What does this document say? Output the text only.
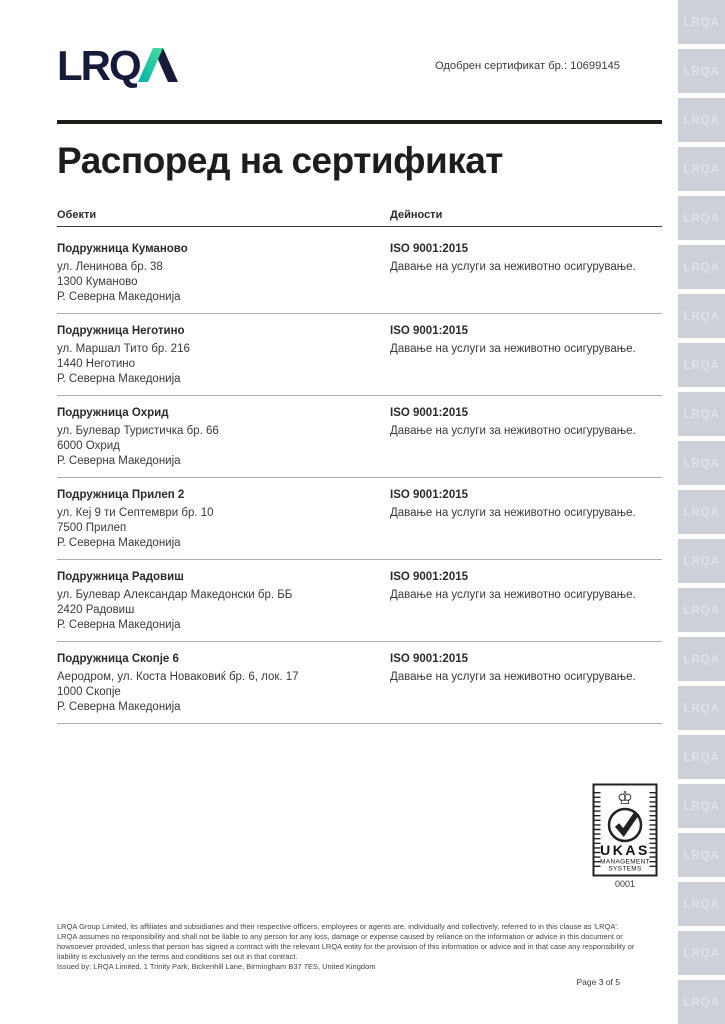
LRQA
LRQA
LRQA
LRQA
LRQA
LRQA
LRQA
LRQA
LRQA
LRQA
LRQA
LRQA
LRQA
LRQA
LRQA
LRQA
LRQA
LRQA
LRQA
LRQA
LRQA
LRQ	Одобрен сертификат бр.: 10699145
Распоред на сертификат
Обекти	Дейности
Подружница Куманово
ул. Ленинова бр. 38
1300 Куманово
Р. Северна Македонија
ISO 9001:2015
Давање на услуги за неживотно осигурување.
Подружница Неготино
ул. Маршал Тито бр. 216
1440 Неготино
Р. Северна Македонија
ISO 9001:2015
Давање на услуги за неживотно осигурување.
Подружница Охрид
ул. Булевар Туристичка бр. 66
6000 Охрид
Р. Северна Македонија
ISO 9001:2015
Давање на услуги за неживотно осигурување.
Подружница Прилеп 2
ул. Кеј 9 ти Септември бр. 10
7500 Прилеп
Р. Северна Македонија
ISO 9001:2015
Давање на услуги за неживотно осигурување.
Подружница Радовиш
ул. Булевар Александар Македонски бр. ББ
2420 Радовиш
Р. Северна Македонија
ISO 9001:2015
Давање на услуги за неживотно осигурување.
Подружница Скопје 6
Аеродром, ул. Коста Новаковиќ бр. 6, лок. 17
1000 Скопје
Р. Северна Македонија
ISO 9001:2015
Давање на услуги за неживотно осигурување.
♔
UKAS
MANAGEMENT
SYSTEMS
0001
LRQA Group Limited, its affiliates and subsidiaries and their respective officers, employees or agents are, individually and collectively, referred to in this clause as 'LRQA'.
LRQA assumes no responsibility and shall not be liable to any person for any loss, damage or expense caused by reliance on the information or advice in this document or
howsoever provided, unless that person has signed a contract with the relevant LRQA entity for the provision of this information or advice and in that case any responsibility or
liability is exclusively on the terms and conditions set out in that contract.
Issued by: LRQA Limited, 1 Trinity Park, Bickenhill Lane, Birmingham B37 7ES, United Kingdom
Page 3 of 5
